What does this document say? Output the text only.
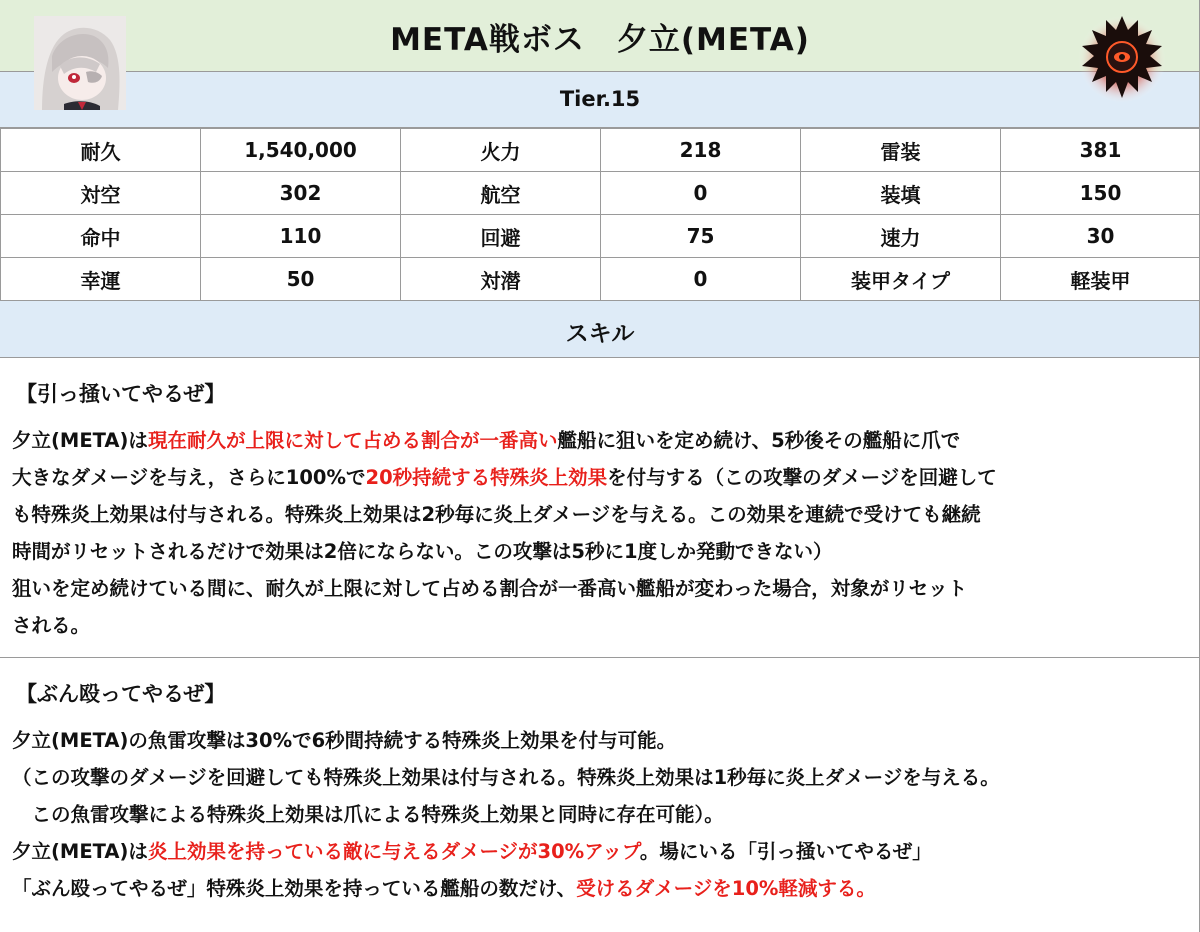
META戦ボス　夕立(META)
Tier.15
耐久	1,540,000	火力	218	雷装	381
対空	302	航空	0	装填	150
命中	110	回避	75	速力	30
幸運	50	対潜	0	装甲タイプ	軽装甲
スキル
【引っ掻いてやるぜ】
夕立(META)は現在耐久が上限に対して占める割合が一番高い艦船に狙いを定め続け、5秒後その艦船に爪で
大きなダメージを与え，さらに100%で20秒持続する特殊炎上効果を付与する（この攻撃のダメージを回避して
も特殊炎上効果は付与される。特殊炎上効果は2秒毎に炎上ダメージを与える。この効果を連続で受けても継続
時間がリセットされるだけで効果は2倍にならない。この攻撃は5秒に1度しか発動できない）
狙いを定め続けている間に、耐久が上限に対して占める割合が一番高い艦船が変わった場合，対象がリセット
される。
【ぶん殴ってやるぜ】
夕立(META)の魚雷攻撃は30%で6秒間持続する特殊炎上効果を付与可能。
（この攻撃のダメージを回避しても特殊炎上効果は付与される。特殊炎上効果は1秒毎に炎上ダメージを与える。
　この魚雷攻撃による特殊炎上効果は爪による特殊炎上効果と同時に存在可能）。
夕立(META)は炎上効果を持っている敵に与えるダメージが30%アップ。場にいる「引っ掻いてやるぜ」
「ぶん殴ってやるぜ」特殊炎上効果を持っている艦船の数だけ、受けるダメージを10%軽減する。
